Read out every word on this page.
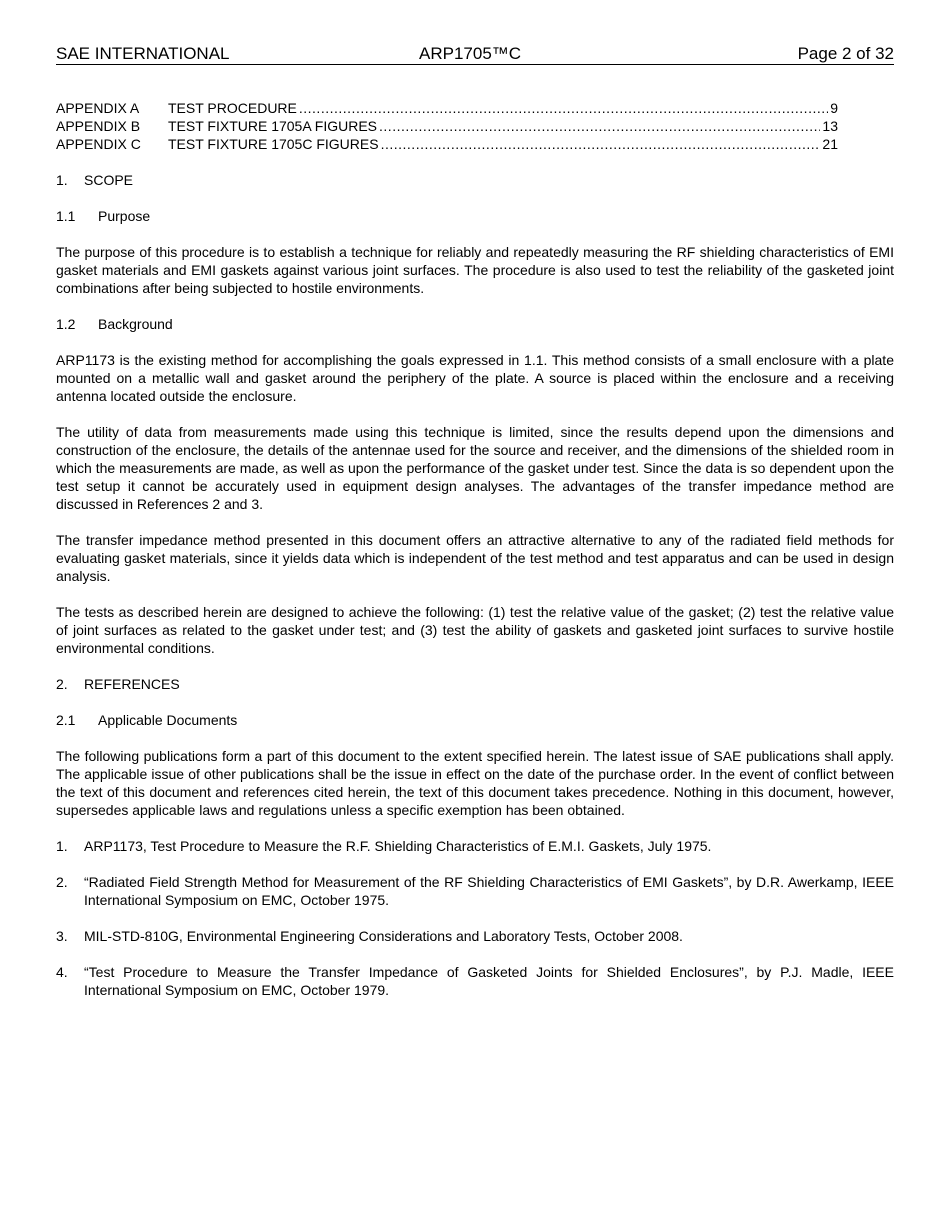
SAE INTERNATIONAL	ARP1705™C	Page 2 of 32
APPENDIX A	TEST PROCEDURE .....	9
APPENDIX B	TEST FIXTURE 1705A FIGURES .....	13
APPENDIX C	TEST FIXTURE 1705C FIGURES .....	21
1. SCOPE
1.1 Purpose

The purpose of this procedure is to establish a technique for reliably and repeatedly measuring the RF shielding characteristics of EMI gasket materials and EMI gaskets against various joint surfaces. The procedure is also used to test the reliability of the gasketed joint combinations after being subjected to hostile environments.

1.2 Background

ARP1173 is the existing method for accomplishing the goals expressed in 1.1. This method consists of a small enclosure with a plate mounted on a metallic wall and gasket around the periphery of the plate. A source is placed within the enclosure and a receiving antenna located outside the enclosure.

The utility of data from measurements made using this technique is limited, since the results depend upon the dimensions and construction of the enclosure, the details of the antennae used for the source and receiver, and the dimensions of the shielded room in which the measurements are made, as well as upon the performance of the gasket under test. Since the data is so dependent upon the test setup it cannot be accurately used in equipment design analyses. The advantages of the transfer impedance method are discussed in References 2 and 3.

The transfer impedance method presented in this document offers an attractive alternative to any of the radiated field methods for evaluating gasket materials, since it yields data which is independent of the test method and test apparatus and can be used in design analysis.

The tests as described herein are designed to achieve the following: (1) test the relative value of the gasket; (2) test the relative value of joint surfaces as related to the gasket under test; and (3) test the ability of gaskets and gasketed joint surfaces to survive hostile environmental conditions.

2. REFERENCES
2.1 Applicable Documents

The following publications form a part of this document to the extent specified herein. The latest issue of SAE publications shall apply. The applicable issue of other publications shall be the issue in effect on the date of the purchase order. In the event of conflict between the text of this document and references cited herein, the text of this document takes precedence. Nothing in this document, however, supersedes applicable laws and regulations unless a specific exemption has been obtained.

1.	ARP1173, Test Procedure to Measure the R.F. Shielding Characteristics of E.M.I. Gaskets, July 1975.
2.	“Radiated Field Strength Method for Measurement of the RF Shielding Characteristics of EMI Gaskets”, by D.R. Awerkamp, IEEE International Symposium on EMC, October 1975.
3.	MIL-STD-810G, Environmental Engineering Considerations and Laboratory Tests, October 2008.
4.	“Test Procedure to Measure the Transfer Impedance of Gasketed Joints for Shielded Enclosures”, by P.J. Madle, IEEE International Symposium on EMC, October 1979.
